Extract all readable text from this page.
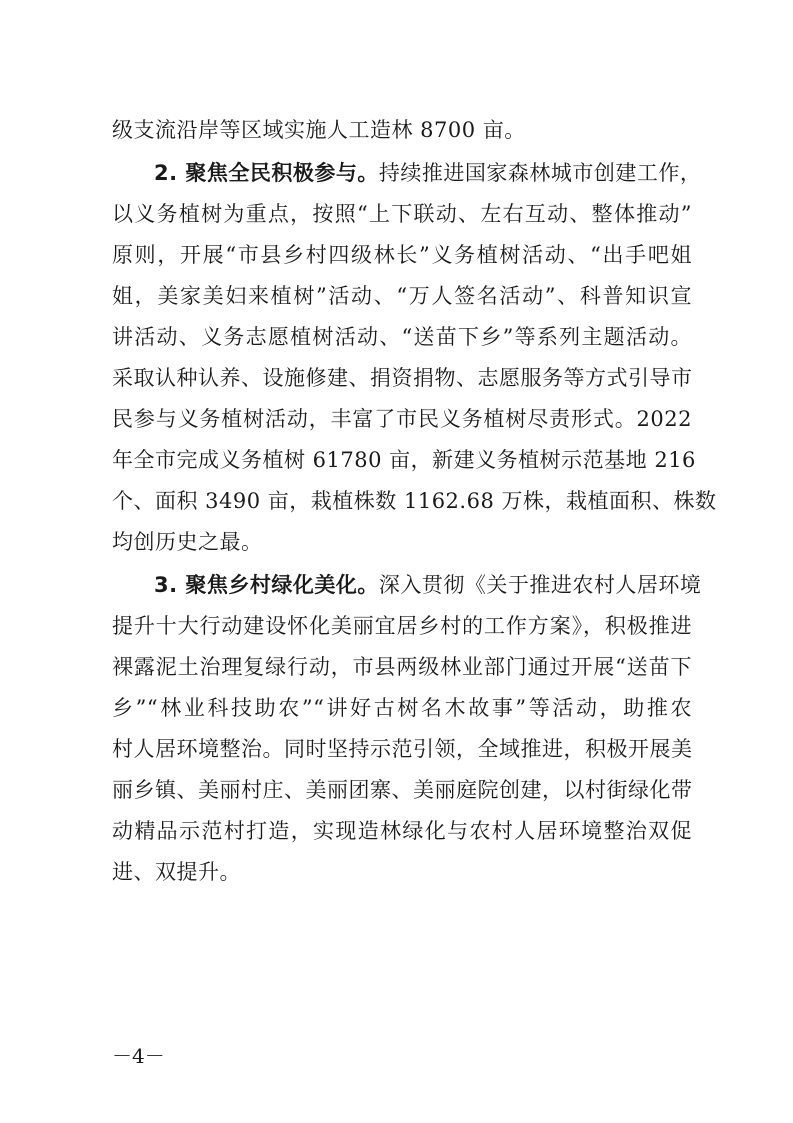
级支流沿岸等区域实施人工造林 8700 亩。
2. 聚焦全民积极参与。持续推进国家森林城市创建工作，
以义务植树为重点，按照“上下联动、左右互动、整体推动”
原则，开展“市县乡村四级林长”义务植树活动、“出手吧姐
姐，美家美妇来植树”活动、“万人签名活动”、科普知识宣
讲活动、义务志愿植树活动、“送苗下乡”等系列主题活动。
采取认种认养、设施修建、捐资捐物、志愿服务等方式引导市
民参与义务植树活动，丰富了市民义务植树尽责形式。2022
年全市完成义务植树 61780 亩，新建义务植树示范基地 216
个、面积 3490 亩，栽植株数 1162.68 万株，栽植面积、株数
均创历史之最。
3. 聚焦乡村绿化美化。深入贯彻《关于推进农村人居环境
提升十大行动建设怀化美丽宜居乡村的工作方案》，积极推进
裸露泥土治理复绿行动，市县两级林业部门通过开展“送苗下
乡”“林业科技助农”“讲好古树名木故事”等活动，助推农
村人居环境整治。同时坚持示范引领，全域推进，积极开展美
丽乡镇、美丽村庄、美丽团寨、美丽庭院创建，以村街绿化带
动精品示范村打造，实现造林绿化与农村人居环境整治双促
进、双提升。
－4－
